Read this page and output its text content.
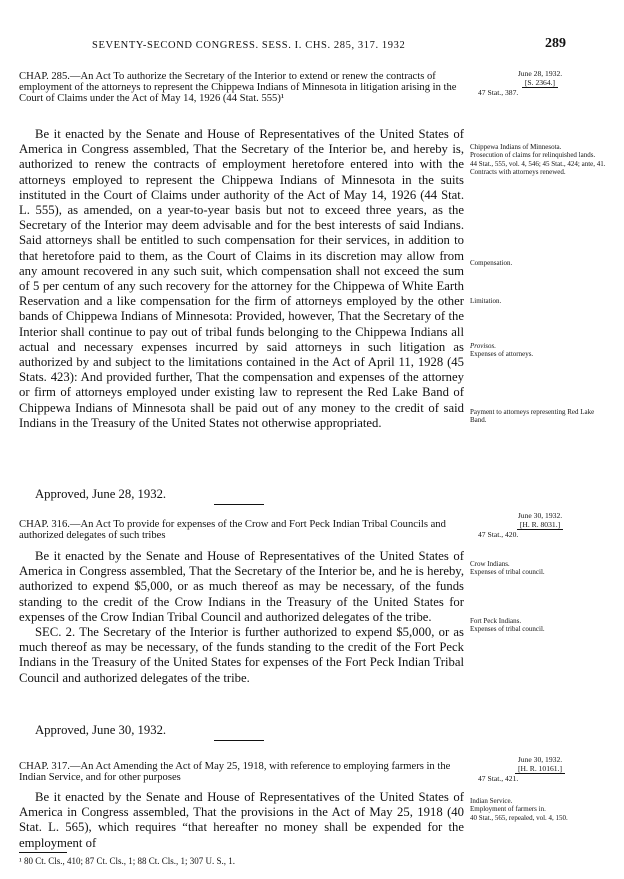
SEVENTY-SECOND CONGRESS. SESS. I. CHS. 285, 317. 1932	289
CHAP. 285.—An Act To authorize the Secretary of the Interior to extend or renew the contracts of employment of the attorneys to represent the Chippewa Indians of Minnesota in litigation arising in the Court of Claims under the Act of May 14, 1926 (44 Stat. 555)¹
June 28, 1932.
[S. 2364.]
47 Stat., 387.

Be it enacted by the Senate and House of Representatives of the United States of America in Congress assembled, That the Secretary of the Interior be, and hereby is, authorized to renew the contracts of employment heretofore entered into with the attorneys employed to represent the Chippewa Indians of Minnesota in the suits instituted in the Court of Claims under authority of the Act of May 14, 1926 (44 Stat. L. 555), as amended, on a year-to-year basis but not to exceed three years, as the Secretary of the Interior may deem advisable and for the best interests of said Indians. Said attorneys shall be entitled to such compensation for their services, in addition to that heretofore paid to them, as the Court of Claims in its discretion may allow from any amount recovered in any such suit, which compensation shall not exceed the sum of 5 per centum of any such recovery for the attorney for the Chippewa of White Earth Reservation and a like compensation for the firm of attorneys employed by the other bands of Chippewa Indians of Minnesota: Provided, however, That the Secretary of the Interior shall continue to pay out of tribal funds belonging to the Chippewa Indians all actual and necessary expenses incurred by said attorneys in such litigation as authorized by and subject to the limitations contained in the Act of April 11, 1928 (45 Stats. 423): And provided further, That the compensation and expenses of the attorney or firm of attorneys employed under existing law to represent the Red Lake Band of Chippewa Indians of Minnesota shall be paid out of any money to the credit of said Indians in the Treasury of the United States not otherwise appropriated.

Approved, June 28, 1932.
Chippewa Indians of Minnesota.
Prosecution of claims for relinquished lands.
44 Stat., 555, vol. 4, 546; 45 Stat., 424; ante, 41.
Contracts with attorneys renewed.
Compensation.
Limitation.
Provisos.
Expenses of attorneys.
Payment to attorneys representing Red Lake Band.
CHAP. 316.—An Act To provide for expenses of the Crow and Fort Peck Indian Tribal Councils and authorized delegates of such tribes
June 30, 1932.
[H. R. 8031.]
47 Stat., 420.

Be it enacted by the Senate and House of Representatives of the United States of America in Congress assembled, That the Secretary of the Interior be, and he is hereby, authorized to expend $5,000, or as much thereof as may be necessary, of the funds standing to the credit of the Crow Indians in the Treasury of the United States for expenses of the Crow Indian Tribal Council and authorized delegates of the tribe.

SEC. 2. The Secretary of the Interior is further authorized to expend $5,000, or as much thereof as may be necessary, of the funds standing to the credit of the Fort Peck Indians in the Treasury of the United States for expenses of the Fort Peck Indian Tribal Council and authorized delegates of the tribe.

Approved, June 30, 1932.
Crow Indians.
Expenses of tribal council.
Fort Peck Indians.
Expenses of tribal council.
CHAP. 317.—An Act Amending the Act of May 25, 1918, with reference to employing farmers in the Indian Service, and for other purposes
June 30, 1932.
[H. R. 10161.]
47 Stat., 421.

Be it enacted by the Senate and House of Representatives of the United States of America in Congress assembled, That the provisions in the Act of May 25, 1918 (40 Stat. L. 565), which requires “that hereafter no money shall be expended for the employment of

Indian Service.
Employment of farmers in.
40 Stat., 565, repealed, vol. 4, 150.
¹ 80 Ct. Cls., 410; 87 Ct. Cls., 1; 88 Ct. Cls., 1; 307 U. S., 1.
